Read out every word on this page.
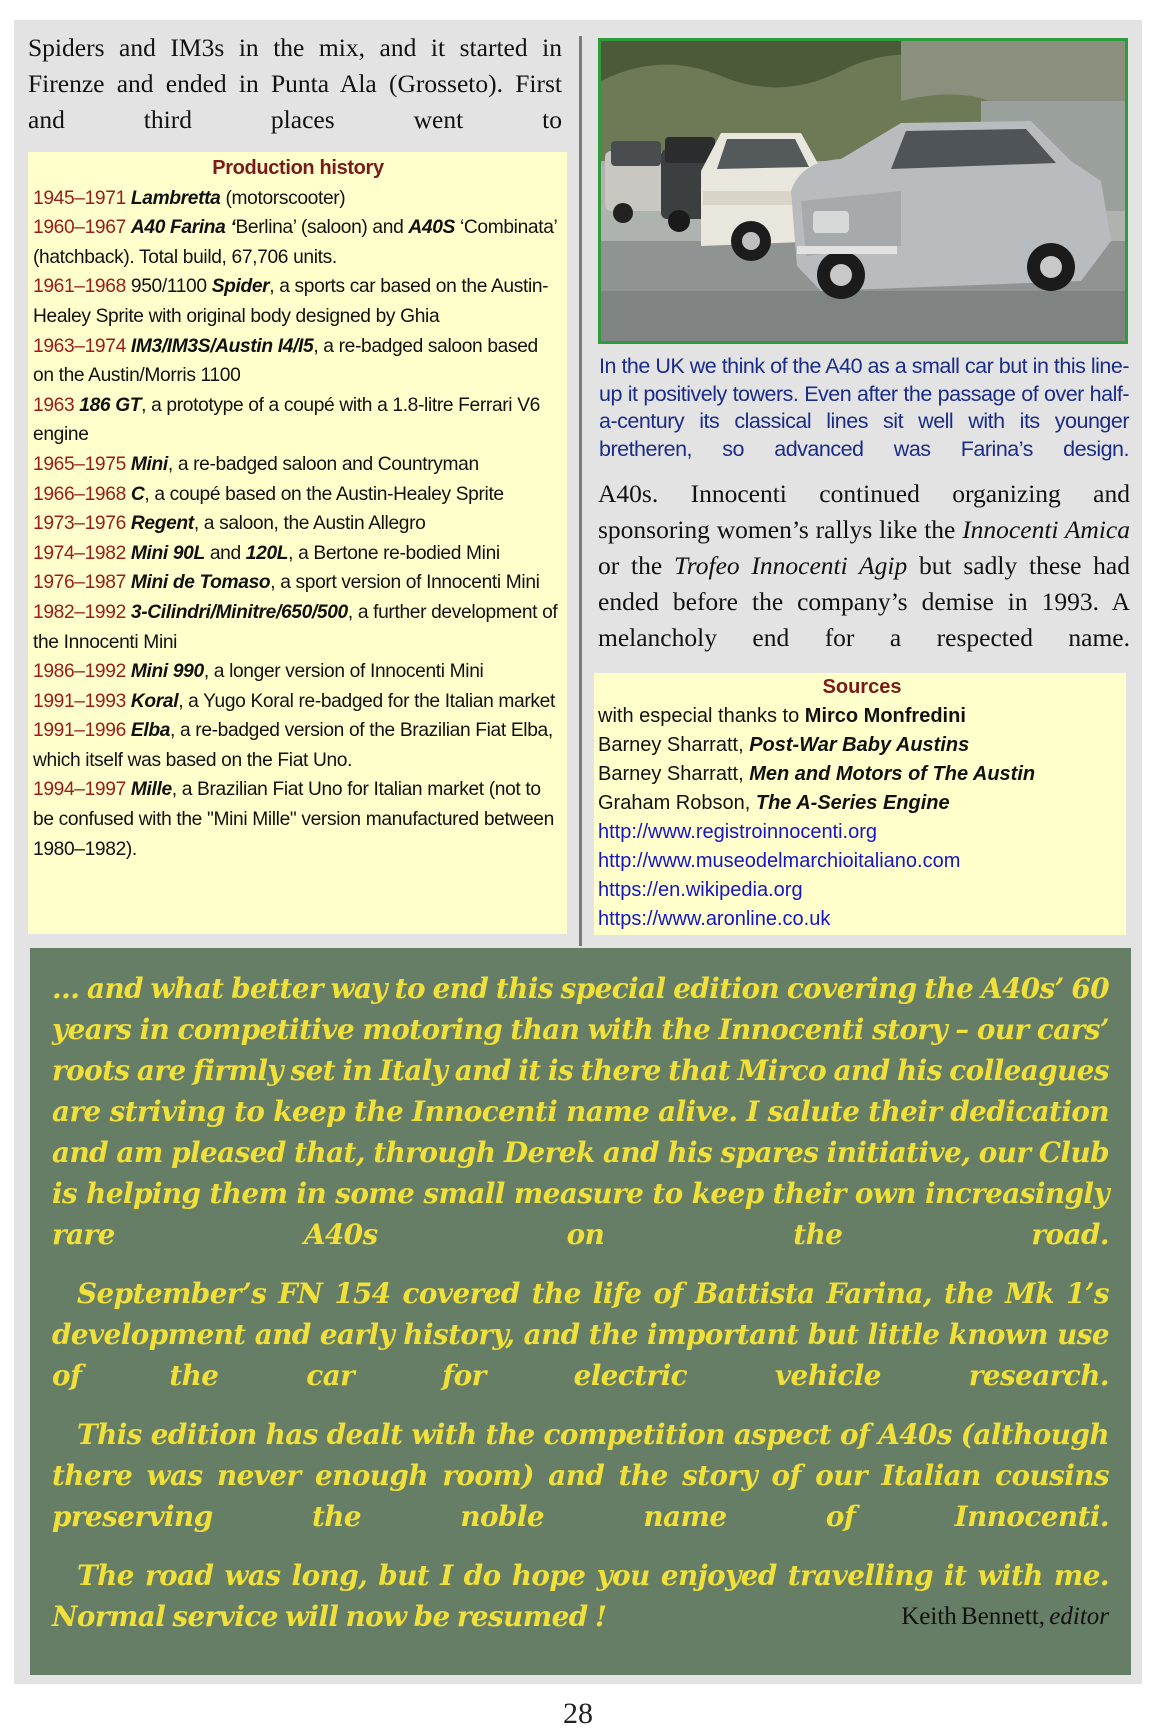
Spiders and IM3s in the mix, and it started in Firenze and ended in Punta Ala (Grosseto). First and third places went to
Production history
1945–1971 Lambretta (motorscooter)
1960–1967 A40 Farina ‘Berlina’ (saloon) and A40S ‘Combinata’ (hatchback). Total build, 67,706 units.
1961–1968 950/1100 Spider, a sports car based on the Austin-Healey Sprite with original body designed by Ghia
1963–1974 IM3/IM3S/Austin I4/I5, a re-badged saloon based on the Austin/Morris 1100
1963 186 GT, a prototype of a coupé with a 1.8-litre Ferrari V6 engine
1965–1975 Mini, a re-badged saloon and Countryman
1966–1968 C, a coupé based on the Austin-Healey Sprite
1973–1976 Regent, a saloon, the Austin Allegro
1974–1982 Mini 90L and 120L, a Bertone re-bodied Mini
1976–1987 Mini de Tomaso, a sport version of Innocenti Mini
1982–1992 3-Cilindri/Minitre/650/500, a further development of the Innocenti Mini
1986–1992 Mini 990, a longer version of Innocenti Mini
1991–1993 Koral, a Yugo Koral re-badged for the Italian market
1991–1996 Elba, a re-badged version of the Brazilian Fiat Elba, which itself was based on the Fiat Uno.
1994–1997 Mille, a Brazilian Fiat Uno for Italian market (not to be confused with the "Mini Mille" version manufactured between 1980–1982).
In the UK we think of the A40 as a small car but in this line-up it positively towers. Even after the passage of over half-a-century its classical lines sit well with its younger bretheren, so advanced was Farina’s design.
A40s. Innocenti continued organizing and sponsoring women’s rallys like the Innocenti Amica or the Trofeo Innocenti Agip but sadly these had ended before the company’s demise in 1993. A melancholy end for a respected name.
Sources
with especial thanks to Mirco Monfredini
Barney Sharratt, Post-War Baby Austins
Barney Sharratt, Men and Motors of The Austin
Graham Robson, The A-Series Engine
http://www.registroinnocenti.org
http://www.museodelmarchioitaliano.com
https://en.wikipedia.org
https://www.aronline.co.uk

... and what better way to end this special edition covering the A40s’ 60 years in competitive motoring than with the Innocenti story – our cars’ roots are firmly set in Italy and it is there that Mirco and his colleagues are striving to keep the Innocenti name alive. I salute their dedication and am pleased that, through Derek and his spares initiative, our Club is helping them in some small measure to keep their own increasingly rare A40s on the road.

September’s FN 154 covered the life of Battista Farina, the Mk 1’s development and early history, and the important but little known use of the car for electric vehicle research.

This edition has dealt with the competition aspect of A40s (although there was never enough room) and the story of our Italian cousins preserving the noble name of Innocenti.

The road was long, but I do hope you enjoyed travelling it with me. Normal service will now be resumed !	Keith Bennett, editor

28
